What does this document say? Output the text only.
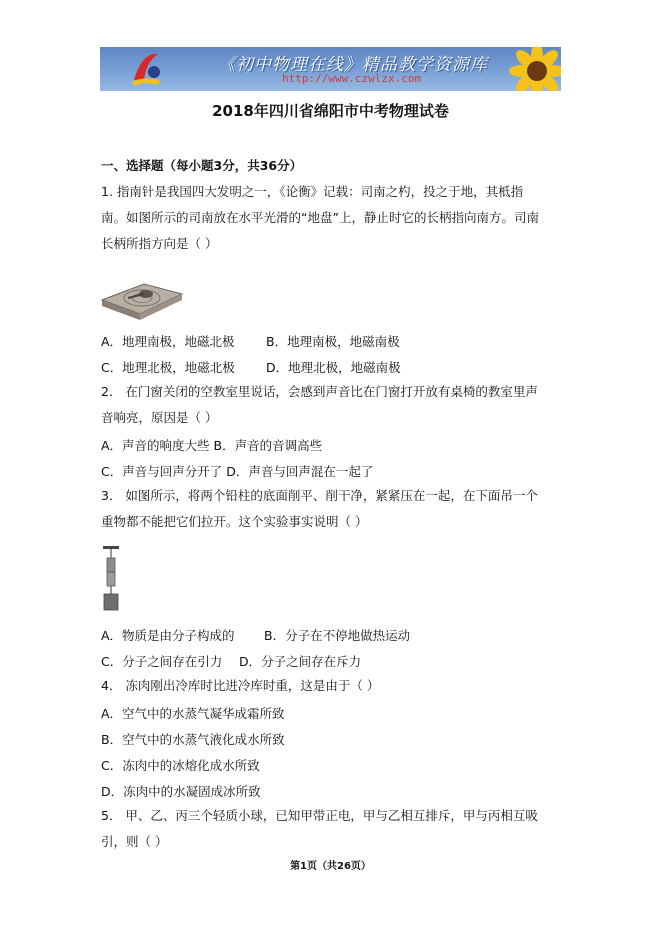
《初中物理在线》精品教学资源库
http://www.czwlzx.com
2018年四川省绵阳市中考物理试卷
一、选择题（每小题3分，共36分）
1. 指南针是我国四大发明之一，《论衡》记载：司南之杓，投之于地，其柢指
南。如图所示的司南放在水平光滑的“地盘”上，静止时它的长柄指向南方。司南
长柄所指方向是（ ）
A．地理南极，地磁北极	B．地理南极，地磁南极
C．地理北极，地磁北极	D．地理北极，地磁南极
2． 在门窗关闭的空教室里说话，会感到声音比在门窗打开放有桌椅的教室里声
音响亮，原因是（ ）
A．声音的响度大些 B．声音的音调高些
C．声音与回声分开了 D．声音与回声混在一起了
3． 如图所示，将两个铅柱的底面削平、削干净，紧紧压在一起，在下面吊一个
重物都不能把它们拉开。这个实验事实说明（ ）
A．物质是由分子构成的 B．分子在不停地做热运动
C．分子之间存在引力 D．分子之间存在斥力
4． 冻肉刚出冷库时比进冷库时重，这是由于（ ）
A．空气中的水蒸气凝华成霜所致
B．空气中的水蒸气液化成水所致
C．冻肉中的冰熔化成水所致
D．冻肉中的水凝固成冰所致
5． 甲、乙、丙三个轻质小球，已知甲带正电，甲与乙相互排斥，甲与丙相互吸
引，则（ ）
第1页（共26页）
